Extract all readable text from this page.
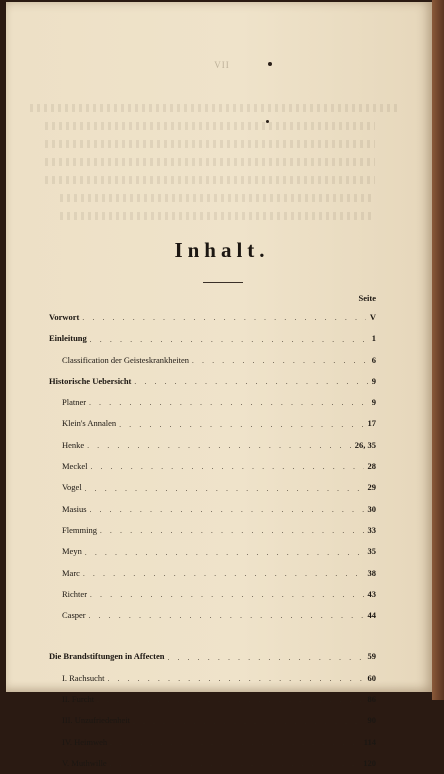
VII
Inhalt.
Seite
Vorwort . . .	V
Einleitung . . .	1
Classification der Geisteskrankheiten . . .	6
Historische Uebersicht . . .	9
Platner . . .	9
Klein's Annalen . . .	17
Henke . . .	26, 35
Meckel . . .	28
Vogel . . .	29
Masius . . .	30
Flemming . . .	33
Meyn . . .	35
Marc . . .	38
Richter . . .	43
Casper . . .	44
Die Brandstiftungen in Affecten . . .	59
I. Rachsucht . . .	60
II. Furcht . . .	86
III. Unzufriedenheit . . .	90
IV. Heimweh . . .	114
V. Muthwille . . .	120
